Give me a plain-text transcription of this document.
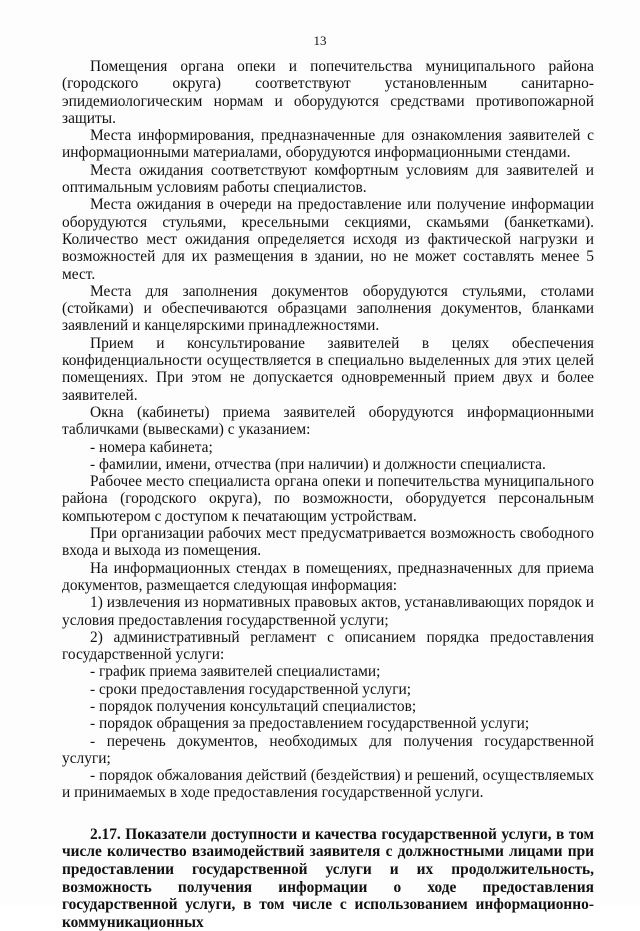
13

Помещения органа опеки и попечительства муниципального района (городского округа) соответствуют установленным санитарно-эпидемиологическим нормам и оборудуются средствами противопожарной защиты.

Места информирования, предназначенные для ознакомления заявителей с информационными материалами, оборудуются информационными стендами.

Места ожидания соответствуют комфортным условиям для заявителей и оптимальным условиям работы специалистов.

Места ожидания в очереди на предоставление или получение информации оборудуются стульями, кресельными секциями, скамьями (банкетками). Количество мест ожидания определяется исходя из фактической нагрузки и возможностей для их размещения в здании, но не может составлять менее 5 мест.

Места для заполнения документов оборудуются стульями, столами (стойками) и обеспечиваются образцами заполнения документов, бланками заявлений и канцелярскими принадлежностями.

Прием и консультирование заявителей в целях обеспечения конфиденциальности осуществляется в специально выделенных для этих целей помещениях. При этом не допускается одновременный прием двух и более заявителей.

Окна (кабинеты) приема заявителей оборудуются информационными табличками (вывесками) с указанием:

- номера кабинета;

- фамилии, имени, отчества (при наличии) и должности специалиста.

Рабочее место специалиста органа опеки и попечительства муниципального района (городского округа), по возможности, оборудуется персональным компьютером с доступом к печатающим устройствам.

При организации рабочих мест предусматривается возможность свободного входа и выхода из помещения.

На информационных стендах в помещениях, предназначенных для приема документов, размещается следующая информация:

1) извлечения из нормативных правовых актов, устанавливающих порядок и условия предоставления государственной услуги;

2) административный регламент с описанием порядка предоставления государственной услуги:

- график приема заявителей специалистами;

- сроки предоставления государственной услуги;

- порядок получения консультаций специалистов;

- порядок обращения за предоставлением государственной услуги;

- перечень документов, необходимых для получения государственной услуги;

- порядок обжалования действий (бездействия) и решений, осуществляемых и принимаемых в ходе предоставления государственной услуги.

2.17. Показатели доступности и качества государственной услуги, в том числе количество взаимодействий заявителя с должностными лицами при предоставлении государственной услуги и их продолжительность, возможность получения информации о ходе предоставления государственной услуги, в том числе с использованием информационно-коммуникационных
